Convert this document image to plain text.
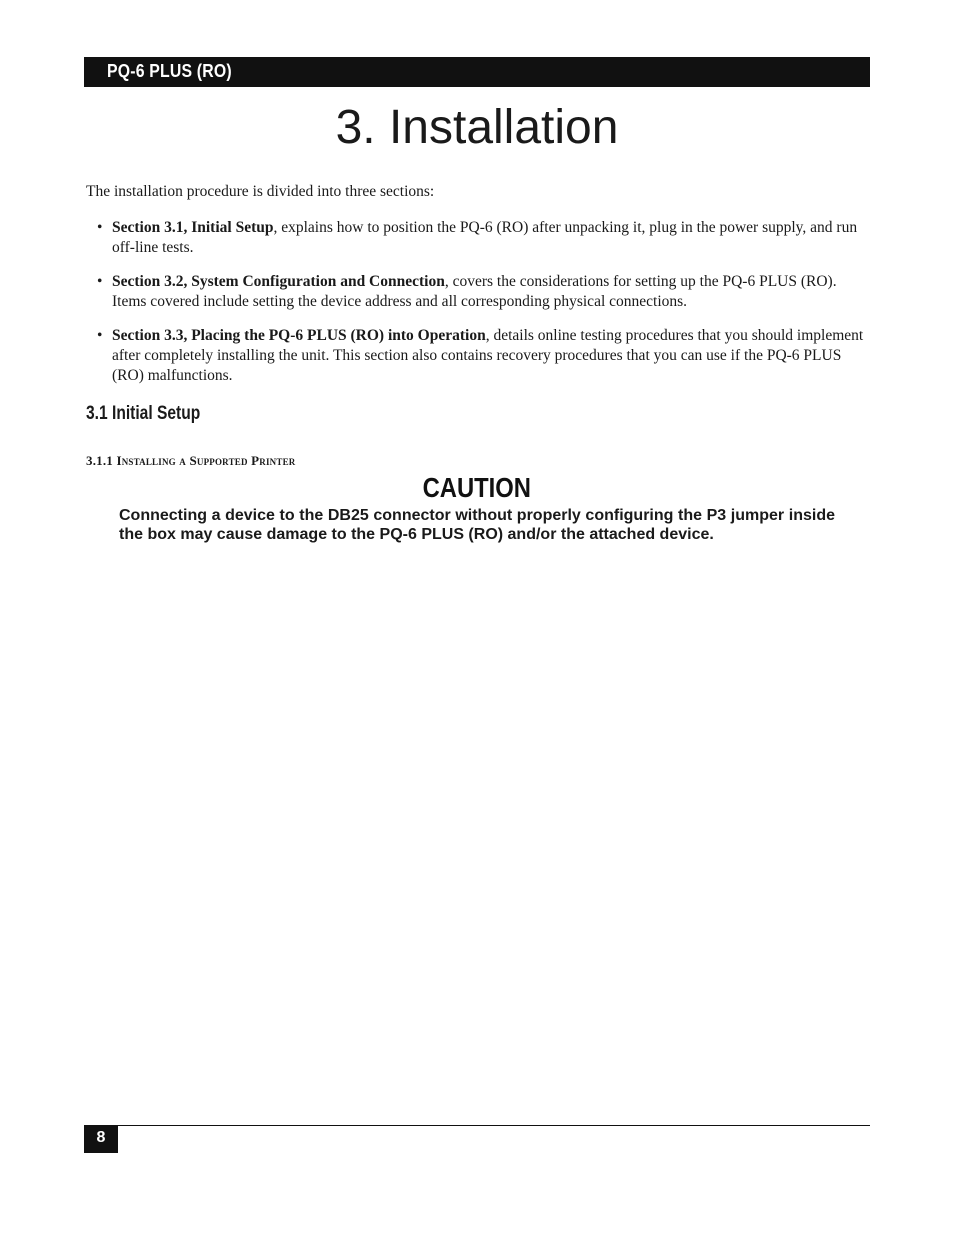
PQ-6 PLUS (RO)
3. Installation

The installation procedure is divided into three sections:

• Section 3.1, Initial Setup, explains how to position the PQ-6 (RO) after unpacking it, plug in the power supply, and run off-line tests.
• Section 3.2, System Configuration and Connection, covers the considerations for setting up the PQ-6 PLUS (RO). Items covered include setting the device address and all corresponding physical connections.
• Section 3.3, Placing the PQ-6 PLUS (RO) into Operation, details online testing procedures that you should implement after completely installing the unit. This section also contains recovery procedures that you can use if the PQ-6 PLUS (RO) malfunctions.
3.1 Initial Setup
3.1.1 Installing a Supported Printer
CAUTION

Connecting a device to the DB25 connector without properly configuring the P3 jumper inside the box may cause damage to the PQ-6 PLUS (RO) and/or the attached device.

8
